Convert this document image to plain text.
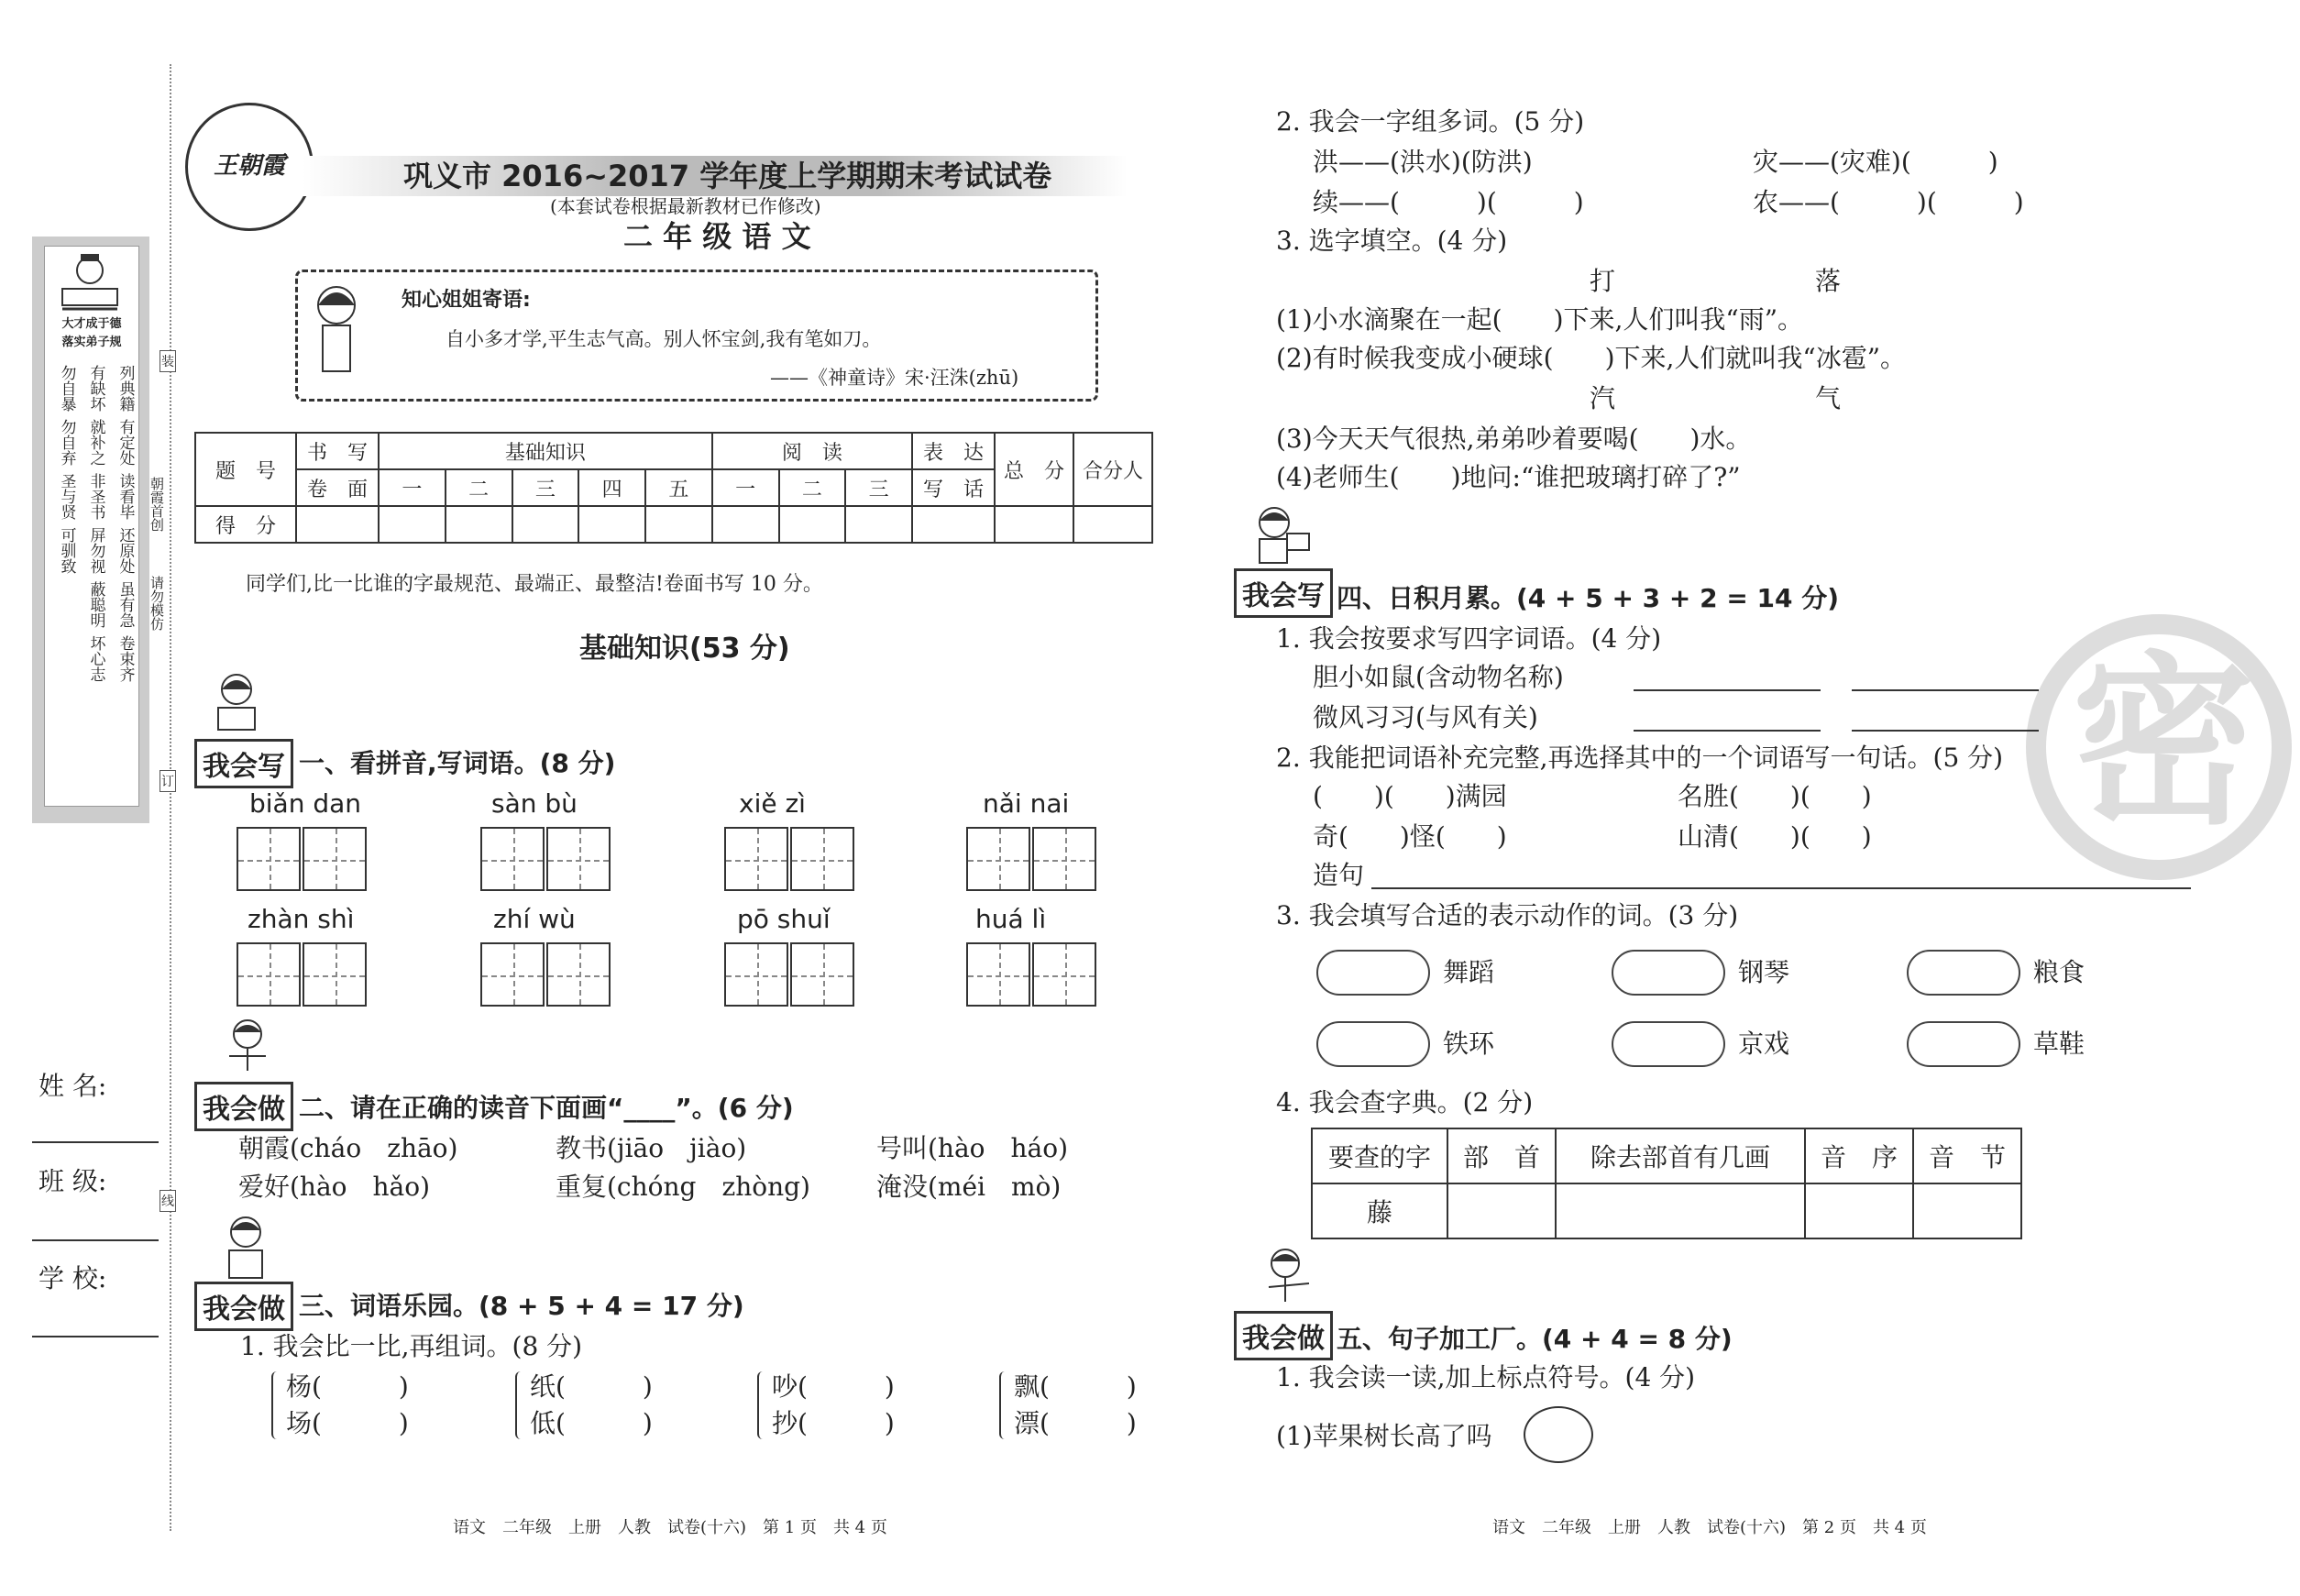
大才成于德
落实弟子规
勿自暴 有缺坏 列典籍
勿自弃 就补之 有定处
圣与贤 非圣书 读看毕
可驯致 屏勿视 还原处
蔽聪明 虽有急
坏心志 卷束齐
朝霞首创
请勿模仿
装
订
线
姓 名:
班 级:
学 校:
王朝霞	巩义市 2016~2017 学年度上学期期末考试试卷
(本套试卷根据最新教材已作修改)
二 年 级 语 文
知心姐姐寄语:
自小多才学,平生志气高。别人怀宝剑,我有笔如刀。
——《神童诗》宋·汪洙(zhū)
题　号	书　写	基础知识					阅　读			表　达	总　分	合分人
	卷　面	一	二	三	四	五	一	二	三	写　话		
得　分												
同学们,比一比谁的字最规范、最端正、最整洁!卷面书写 10 分。
基础知识(53 分)
我会写 一、看拼音,写词语。(8 分)
biǎn dan	sàn bù	xiě zì	nǎi nai
zhàn shì	zhí wù	pō shuǐ	huá lì
我会做 二、请在正确的读音下面画“____”。(6 分)
朝霞(cháo　zhāo)	教书(jiāo　jiào)	号叫(hào　háo)
爱好(hào　hǎo)	重复(chóng　zhòng)	淹没(méi　mò)
我会做 三、词语乐园。(8 + 5 + 4 = 17 分)
1. 我会比一比,再组词。(8 分)
杨(　　　)
场(　　　)
纸(　　　)
低(　　　)
吵(　　　)
抄(　　　)
飘(　　　)
漂(　　　)
语文　二年级　上册　人教　试卷(十六)　第 1 页　共 4 页
密
2. 我会一字组多词。(5 分)
洪——(洪水)(防洪)	灾——(灾难)(　　　)
续——(　　　)(　　　)	农——(　　　)(　　　)
3. 选字填空。(4 分)
打	落
(1)小水滴聚在一起(　　)下来,人们叫我“雨”。
(2)有时候我变成小硬球(　　)下来,人们就叫我“冰雹”。
汽	气
(3)今天天气很热,弟弟吵着要喝(　　)水。
(4)老师生(　　)地问:“谁把玻璃打碎了?”
我会写 四、日积月累。(4 + 5 + 3 + 2 = 14 分)
1. 我会按要求写四字词语。(4 分)
胆小如鼠(含动物名称)
微风习习(与风有关)
2. 我能把词语补充完整,再选择其中的一个词语写一句话。(5 分)
(　　)(　　)满园	名胜(　　)(　　)
奇(　　)怪(　　)	山清(　　)(　　)
造句
3. 我会填写合适的表示动作的词。(3 分)
舞蹈	钢琴	粮食
铁环	京戏	草鞋
4. 我会查字典。(2 分)
要查的字	部　首	除去部首有几画	音　序	音　节
藤				
我会做 五、句子加工厂。(4 + 4 = 8 分)
1. 我会读一读,加上标点符号。(4 分)
(1)苹果树长高了吗
语文　二年级　上册　人教　试卷(十六)　第 2 页　共 4 页
